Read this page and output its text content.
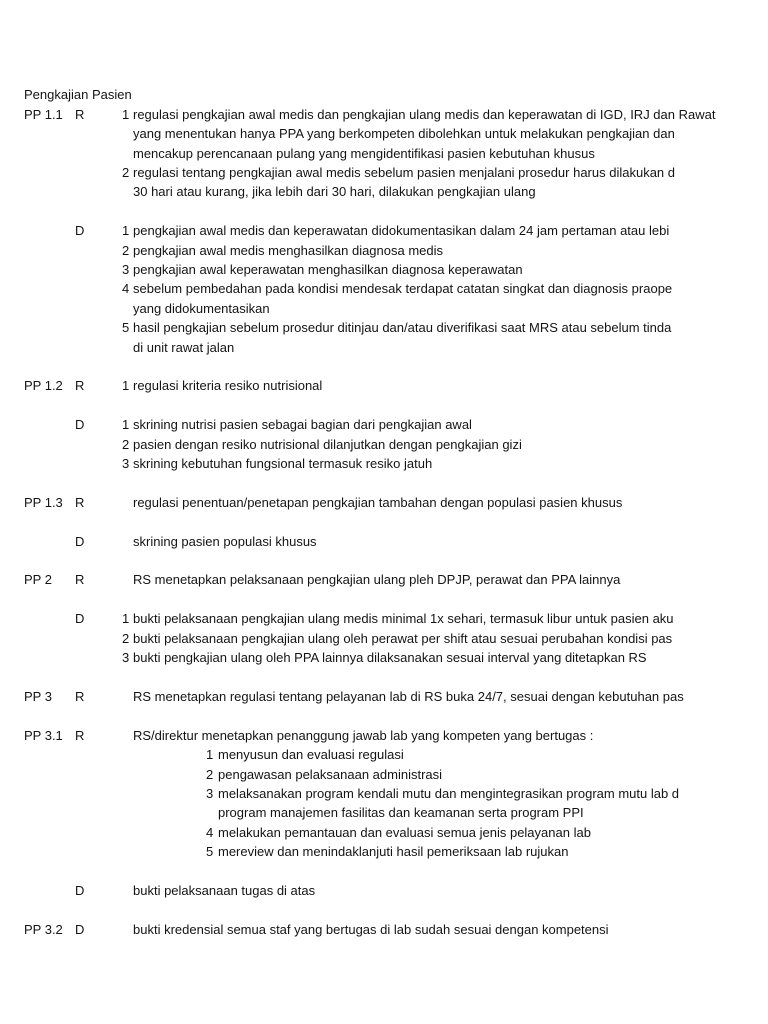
Pengkajian Pasien
PP 1.1 R	1 regulasi pengkajian awal medis dan pengkajian ulang medis dan keperawatan di IGD, IRJ dan Rawat
yang menentukan hanya PPA yang berkompeten dibolehkan untuk melakukan pengkajian dan
mencakup perencanaan pulang yang mengidentifikasi pasien kebutuhan khusus
2 regulasi tentang pengkajian awal medis sebelum pasien menjalani prosedur harus dilakukan d
30 hari atau kurang, jika lebih dari 30 hari, dilakukan pengkajian ulang
D	1 pengkajian awal medis dan keperawatan didokumentasikan dalam 24 jam pertaman atau lebi
2 pengkajian awal medis menghasilkan diagnosa medis
3 pengkajian awal keperawatan menghasilkan diagnosa keperawatan
4 sebelum pembedahan pada kondisi mendesak terdapat catatan singkat dan diagnosis praope
yang didokumentasikan
5 hasil pengkajian sebelum prosedur ditinjau dan/atau diverifikasi saat MRS atau sebelum tinda
di unit rawat jalan
PP 1.2 R	1 regulasi kriteria resiko nutrisional
D	1 skrining nutrisi pasien sebagai bagian dari pengkajian awal
2 pasien dengan resiko nutrisional dilanjutkan dengan pengkajian gizi
3 skrining kebutuhan fungsional termasuk resiko jatuh
PP 1.3 R	regulasi penentuan/penetapan pengkajian tambahan dengan populasi pasien khusus
D	skrining pasien populasi khusus
PP 2 R	RS menetapkan pelaksanaan pengkajian ulang pleh DPJP, perawat dan PPA lainnya
D	1 bukti pelaksanaan pengkajian ulang medis minimal 1x sehari, termasuk libur untuk pasien aku
2 bukti pelaksanaan pengkajian ulang oleh perawat per shift atau sesuai perubahan kondisi pas
3 bukti pengkajian ulang oleh PPA lainnya dilaksanakan sesuai interval yang ditetapkan RS
PP 3 R	RS menetapkan regulasi tentang pelayanan lab di RS buka 24/7, sesuai dengan kebutuhan pas
PP 3.1 R	RS/direktur menetapkan penanggung jawab lab yang kompeten yang bertugas :
1 menyusun dan evaluasi regulasi
2 pengawasan pelaksanaan administrasi
3 melaksanakan program kendali mutu dan mengintegrasikan program mutu lab d
program manajemen fasilitas dan keamanan serta program PPI
4 melakukan pemantauan dan evaluasi semua jenis pelayanan lab
5 mereview dan menindaklanjuti hasil pemeriksaan lab rujukan
D	bukti pelaksanaan tugas di atas
PP 3.2 D	bukti kredensial semua staf yang bertugas di lab sudah sesuai dengan kompetensi
